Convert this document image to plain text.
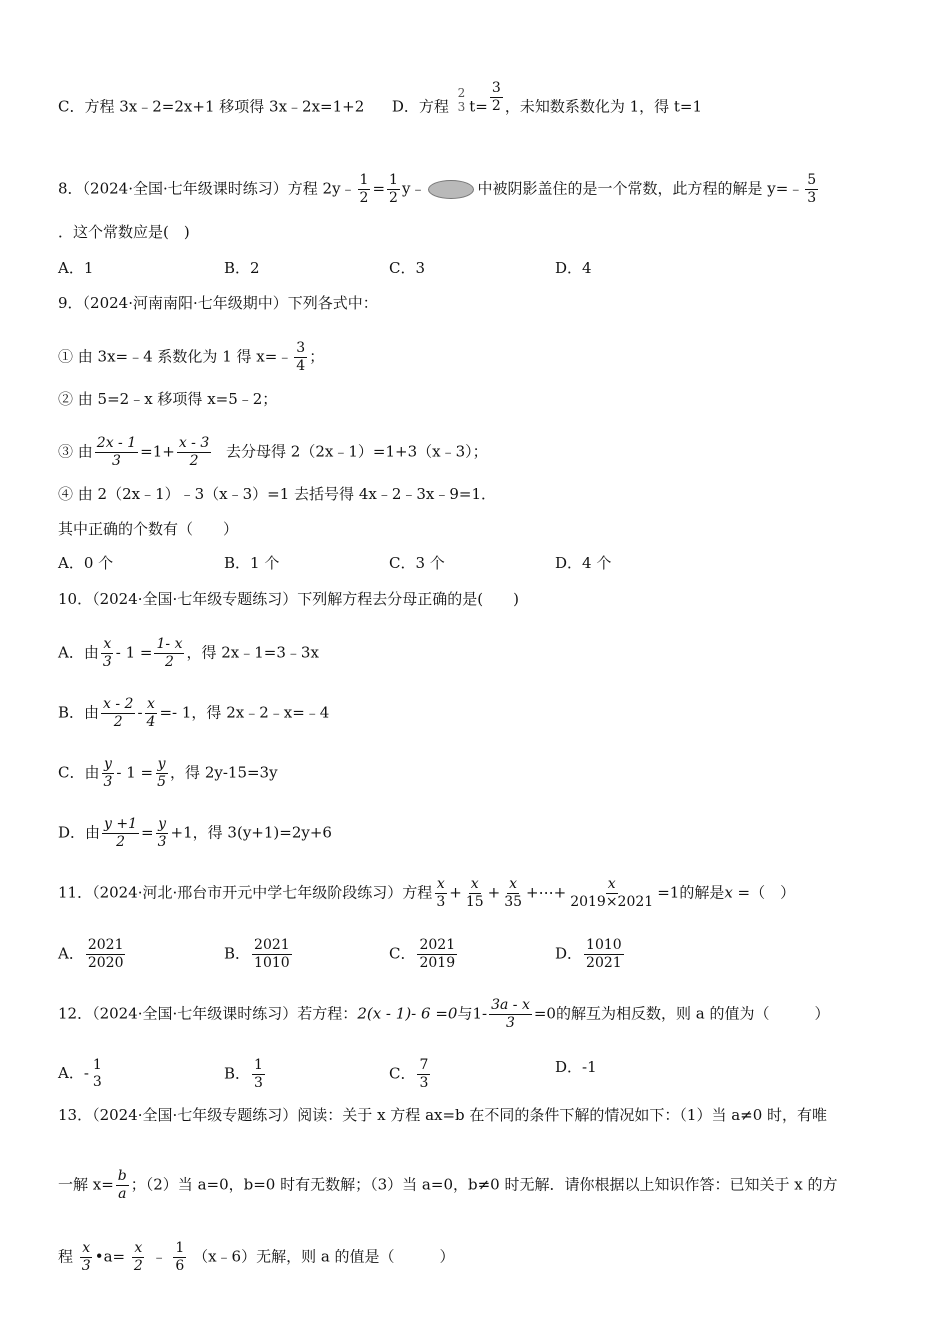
C．方程 3x﹣2=2x+1 移项得 3x﹣2x=1+2 D．方程
2
3 $t= \frac{3}{2}$ ，未知数系数化为 1，得 t=1
8．（2024·全国·七年级课时练习）方程 2y﹣ $\frac{1}{2} = \frac{1}{2}$ y﹣	中被阴影盖住的是一个常数，此方程的解是 y=﹣ $\frac{5}{3}$
．这个常数应是(　)
A．1	B．2	C．3	D．4
9．（2024·河南南阳·七年级期中）下列各式中：
① 由 3x=﹣4 系数化为 1 得 x=﹣ $\frac{3}{4}$ ；
② 由 5=2﹣x 移项得 x=5﹣2；
③ 由 $\frac{2x - 1}{3} =1+ \frac{x - 3}{2}$ 去分母得 2（2x﹣1）=1+3（x﹣3）；
④ 由 2（2x﹣1）﹣3（x﹣3）=1 去括号得 4x﹣2﹣3x﹣9=1．
其中正确的个数有（　　）
A．0 个	B．1 个	C．3 个	D．4 个
10．（2024·全国·七年级专题练习）下列解方程去分母正确的是(　　)
A．由 $\frac{x}{3} - 1 = \frac{1- x}{2}$ ，得 2x﹣1=3﹣3x
B．由 $\frac{x - 2}{2} - \frac{x}{4} =- 1$，得 2x﹣2﹣x=﹣4
C．由 $\frac{y}{3} - 1 = \frac{y}{5}$ ，得 2y-15=3y
D．由 $\frac{y +1}{2} = \frac{y}{3} +1$，得 3(y+1)=2y+6
11．（2024·河北·邢台市开元中学七年级阶段练习）方程 $\frac{x}{3} + \frac{x}{15} + \frac{x}{35}$ +⋯+ $\frac{x}{2019\times 2021} =1$的解是x =（　）
A． $\frac{2021}{2020}$	B． $\frac{2021}{1010}$	C． $\frac{2021}{2019}$	D． $\frac{1010}{2021}$
12．（2024·全国·七年级课时练习）若方程：2(x - 1)- 6 =0与$1- \frac{3a - x}{3} =0$的解互为相反数，则 a 的值为（　　　）
A．- 1
3	B． $\frac{1}{3}$	C． $\frac{7}{3}$	D．-1
13．（2024·全国·七年级专题练习）阅读：关于 x 方程 ax=b 在不同的条件下解的情况如下：（1）当 a≠0 时，有唯
一解 $x= \frac{b}{a}$ ；（2）当 a=0，b=0 时有无数解；（3）当 a=0，b≠0 时无解．请你根据以上知识作答：已知关于 x 的方
程 $\frac{x}{3}$ •a= $\frac{x}{2}$ ﹣ $\frac{1}{6}$ （x﹣6）无解，则 a 的值是（　　　）
